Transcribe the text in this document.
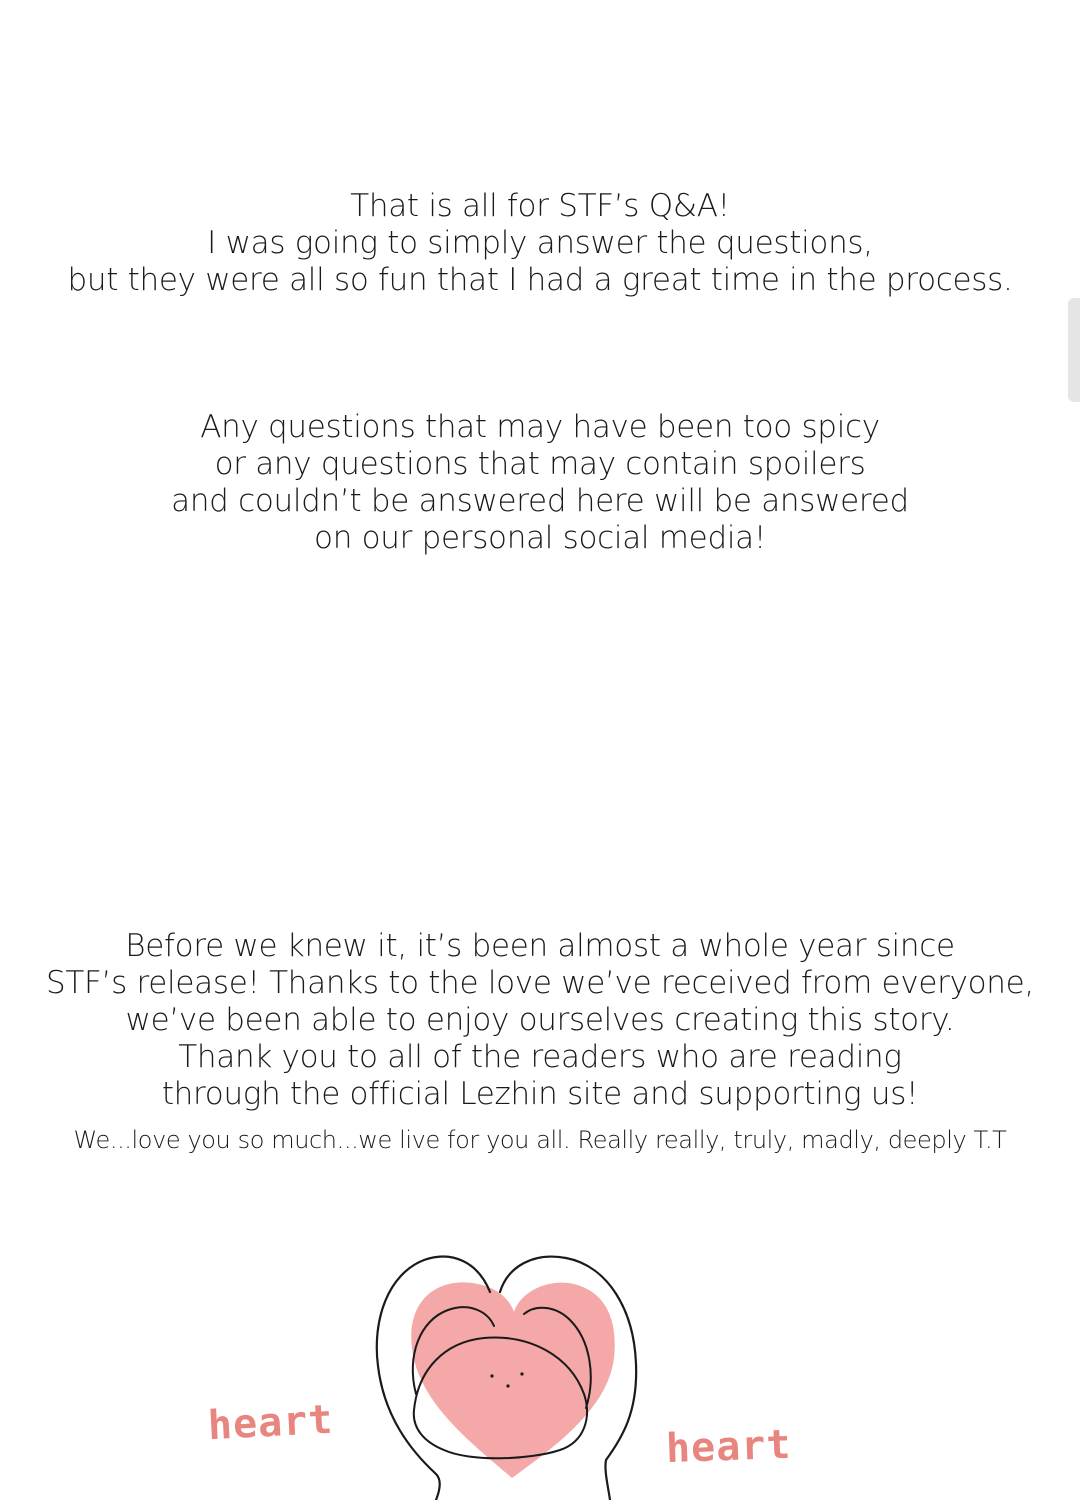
That is all for STF’s Q&A!
I was going to simply answer the questions,
but they were all so fun that I had a great time in the process.
Any questions that may have been too spicy
or any questions that may contain spoilers
and couldn’t be answered here will be answered
on our personal social media!
Before we knew it, it’s been almost a whole year since
STF’s release! Thanks to the love we’ve received from everyone,
we’ve been able to enjoy ourselves creating this story.
Thank you to all of the readers who are reading
through the official Lezhin site and supporting us!
We...love you so much...we live for you all. Really really, truly, madly, deeply T.T
heart	heart
